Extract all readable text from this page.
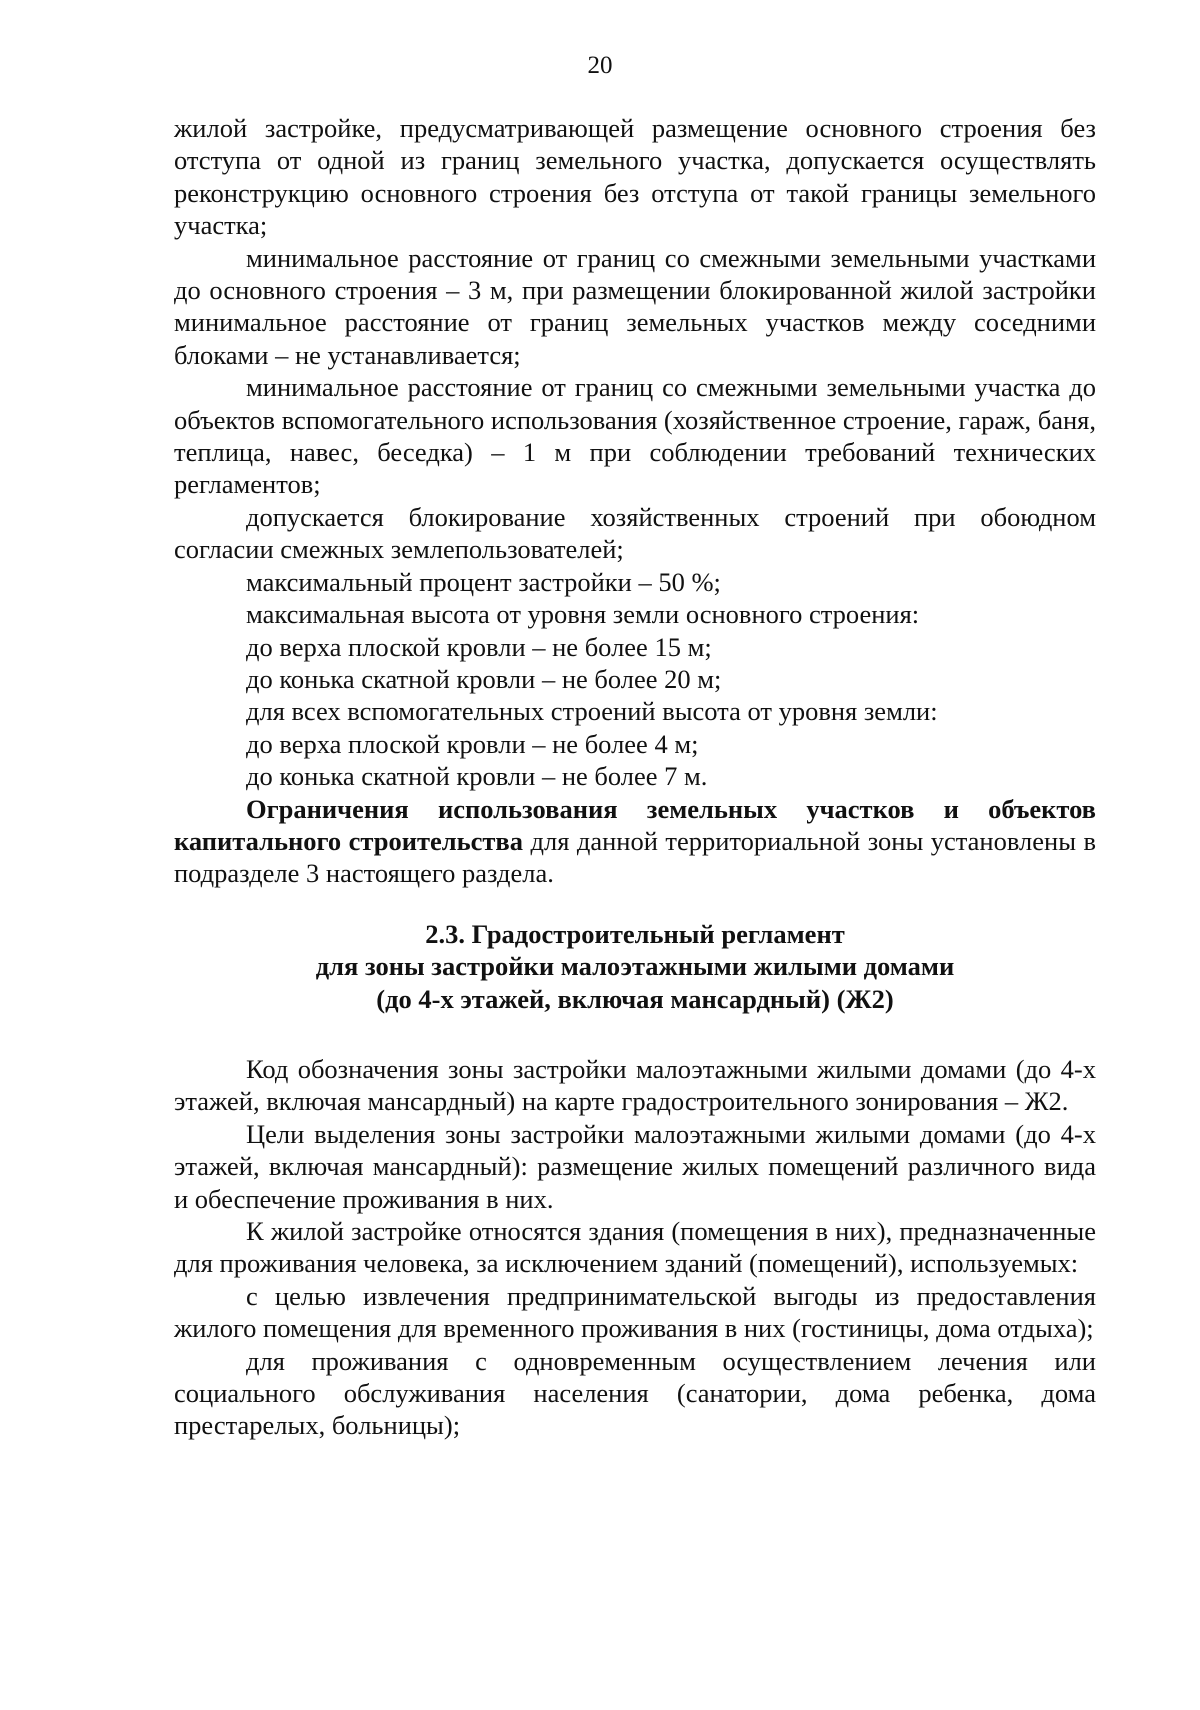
20

жилой застройке, предусматривающей размещение основного строения без отступа от одной из границ земельного участка, допускается осуществлять реконструкцию основного строения без отступа от такой границы земельного участка;

минимальное расстояние от границ со смежными земельными участками до основного строения – 3 м, при размещении блокированной жилой застройки минимальное расстояние от границ земельных участков между соседними блоками – не устанавливается;

минимальное расстояние от границ со смежными земельными участка до объектов вспомогательного использования (хозяйственное строение, гараж, баня, теплица, навес, беседка) – 1 м при соблюдении требований технических регламентов;

допускается блокирование хозяйственных строений при обоюдном согласии смежных землепользователей;

максимальный процент застройки – 50 %;

максимальная высота от уровня земли основного строения:

до верха плоской кровли – не более 15 м;

до конька скатной кровли – не более 20 м;

для всех вспомогательных строений высота от уровня земли:

до верха плоской кровли – не более 4 м;

до конька скатной кровли – не более 7 м.

Ограничения использования земельных участков и объектов капитального строительства для данной территориальной зоны установлены в подразделе 3 настоящего раздела.

2.3. Градостроительный регламент
для зоны застройки малоэтажными жилыми домами
(до 4-х этажей, включая мансардный) (Ж2)

Код обозначения зоны застройки малоэтажными жилыми домами (до 4-х этажей, включая мансардный) на карте градостроительного зонирования – Ж2.

Цели выделения зоны застройки малоэтажными жилыми домами (до 4-х этажей, включая мансардный): размещение жилых помещений различного вида и обеспечение проживания в них.

К жилой застройке относятся здания (помещения в них), предназначенные для проживания человека, за исключением зданий (помещений), используемых:

с целью извлечения предпринимательской выгоды из предоставления жилого помещения для временного проживания в них (гостиницы, дома отдыха);

для проживания с одновременным осуществлением лечения или социального обслуживания населения (санатории, дома ребенка, дома престарелых, больницы);
